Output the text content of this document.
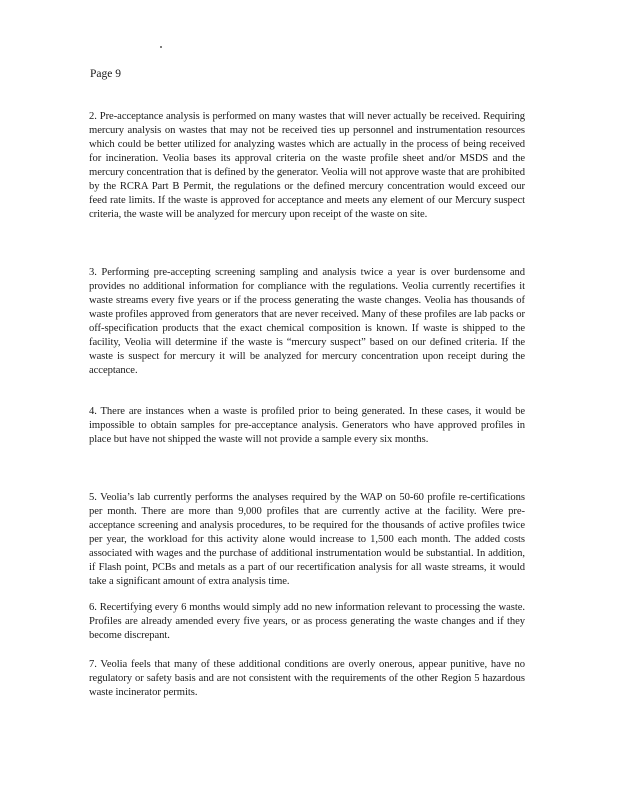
Page 9

2. Pre-acceptance analysis is performed on many wastes that will never actually be received. Requiring mercury analysis on wastes that may not be received ties up personnel and instrumentation resources which could be better utilized for analyzing wastes which are actually in the process of being received for incineration. Veolia bases its approval criteria on the waste profile sheet and/or MSDS and the mercury concentration that is defined by the generator. Veolia will not approve waste that are prohibited by the RCRA Part B Permit, the regulations or the defined mercury concentration would exceed our feed rate limits. If the waste is approved for acceptance and meets any element of our Mercury suspect criteria, the waste will be analyzed for mercury upon receipt of the waste on site.

3. Performing pre-accepting screening sampling and analysis twice a year is over burdensome and provides no additional information for compliance with the regulations. Veolia currently recertifies it waste streams every five years or if the process generating the waste changes. Veolia has thousands of waste profiles approved from generators that are never received. Many of these profiles are lab packs or off-specification products that the exact chemical composition is known. If waste is shipped to the facility, Veolia will determine if the waste is “mercury suspect” based on our defined criteria. If the waste is suspect for mercury it will be analyzed for mercury concentration upon receipt during the acceptance.

4. There are instances when a waste is profiled prior to being generated. In these cases, it would be impossible to obtain samples for pre-acceptance analysis. Generators who have approved profiles in place but have not shipped the waste will not provide a sample every six months.

5. Veolia’s lab currently performs the analyses required by the WAP on 50-60 profile re-certifications per month. There are more than 9,000 profiles that are currently active at the facility. Were pre-acceptance screening and analysis procedures, to be required for the thousands of active profiles twice per year, the workload for this activity alone would increase to 1,500 each month. The added costs associated with wages and the purchase of additional instrumentation would be substantial. In addition, if Flash point, PCBs and metals as a part of our recertification analysis for all waste streams, it would take a significant amount of extra analysis time.

6. Recertifying every 6 months would simply add no new information relevant to processing the waste. Profiles are already amended every five years, or as process generating the waste changes and if they become discrepant.

7. Veolia feels that many of these additional conditions are overly onerous, appear punitive, have no regulatory or safety basis and are not consistent with the requirements of the other Region 5 hazardous waste incinerator permits.
